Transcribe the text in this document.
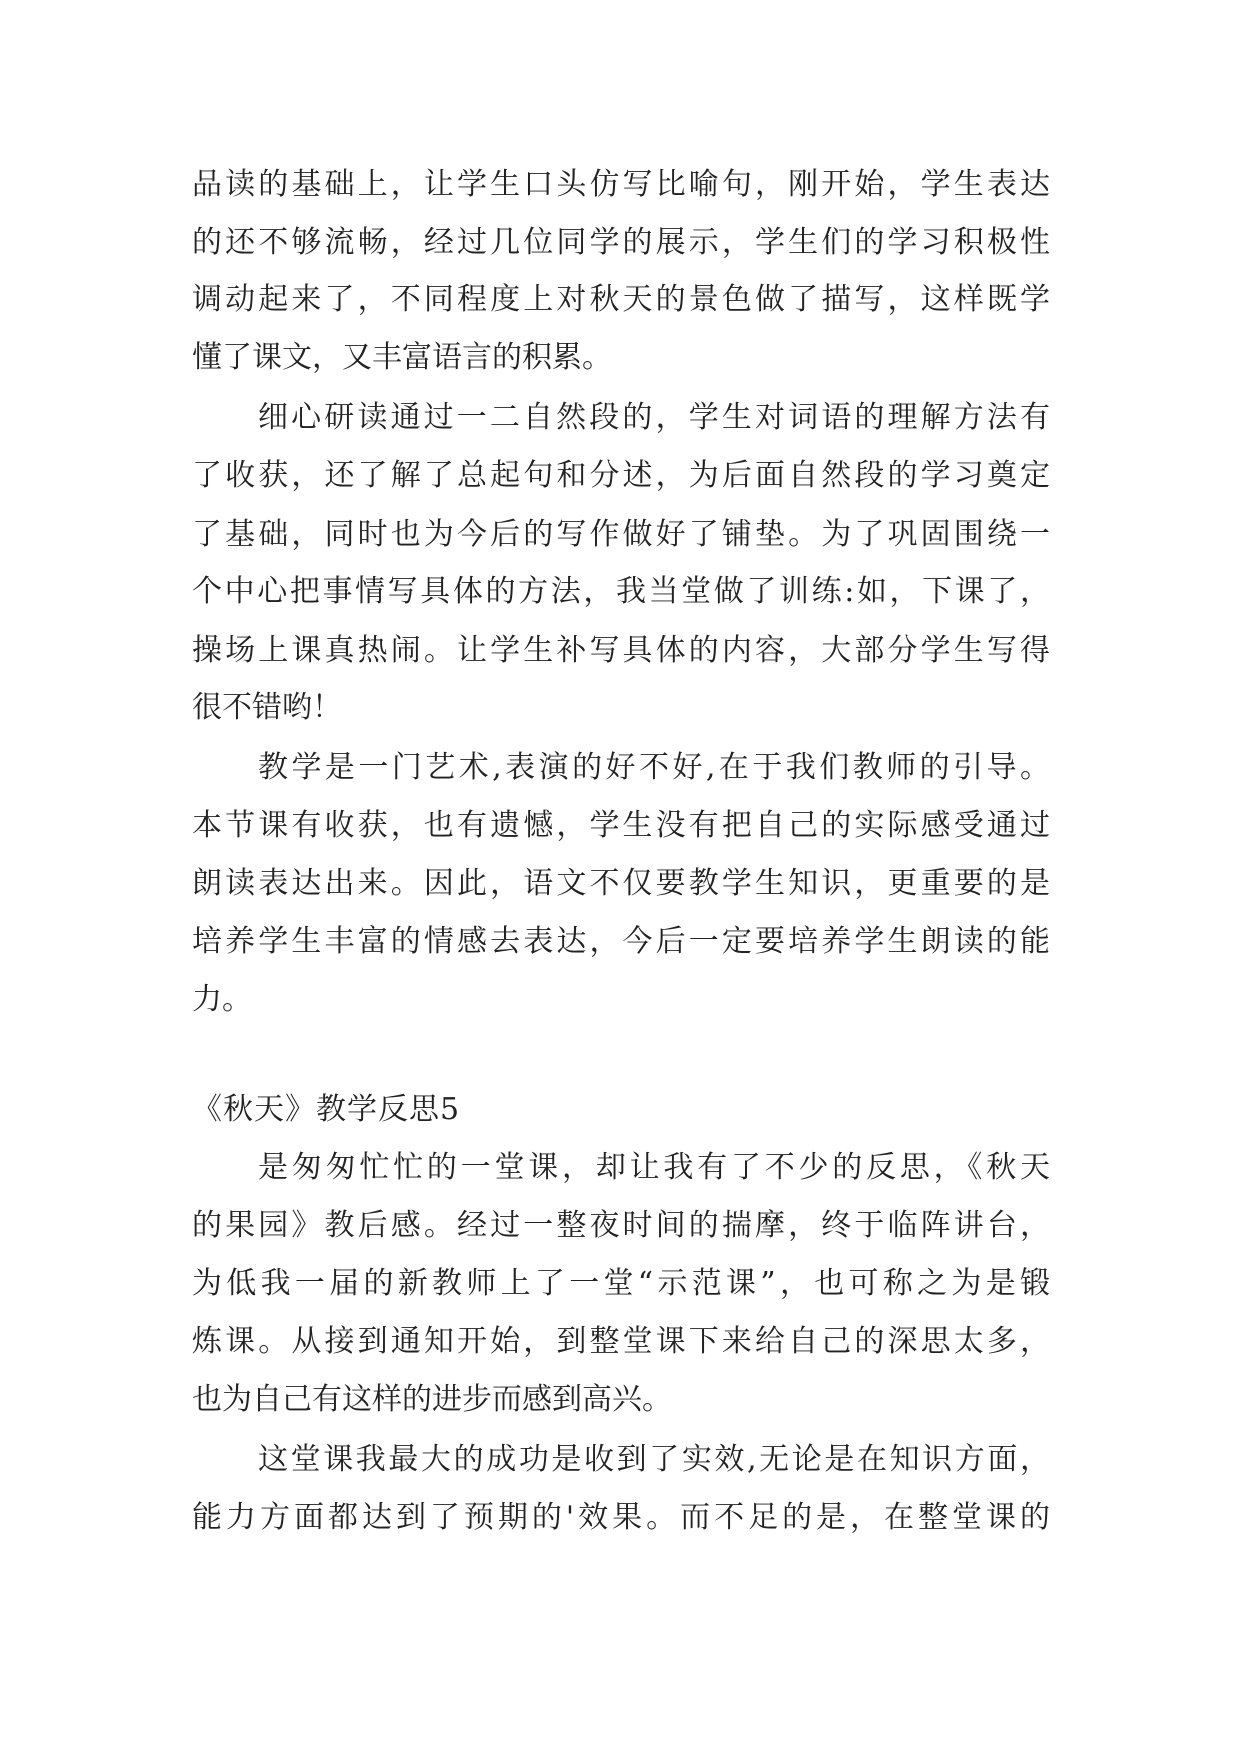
品读的基础上，让学生口头仿写比喻句，刚开始，学生表达
的还不够流畅，经过几位同学的展示，学生们的学习积极性
调动起来了，不同程度上对秋天的景色做了描写，这样既学
懂了课文，又丰富语言的积累。
细心研读通过一二自然段的，学生对词语的理解方法有
了收获，还了解了总起句和分述，为后面自然段的学习奠定
了基础，同时也为今后的写作做好了铺垫。为了巩固围绕一
个中心把事情写具体的方法，我当堂做了训练:如，下课了，
操场上课真热闹。让学生补写具体的内容，大部分学生写得
很不错哟！
教学是一门艺术,表演的好不好,在于我们教师的引导。
本节课有收获，也有遗憾，学生没有把自己的实际感受通过
朗读表达出来。因此，语文不仅要教学生知识，更重要的是
培养学生丰富的情感去表达，今后一定要培养学生朗读的能
力。
《秋天》教学反思5
是匆匆忙忙的一堂课，却让我有了不少的反思，《秋天
的果园》教后感。经过一整夜时间的揣摩，终于临阵讲台，
为低我一届的新教师上了一堂“示范课”，也可称之为是锻
炼课。从接到通知开始，到整堂课下来给自己的深思太多，
也为自己有这样的进步而感到高兴。
这堂课我最大的成功是收到了实效,无论是在知识方面，
能力方面都达到了预期的'效果。而不足的是，在整堂课的
